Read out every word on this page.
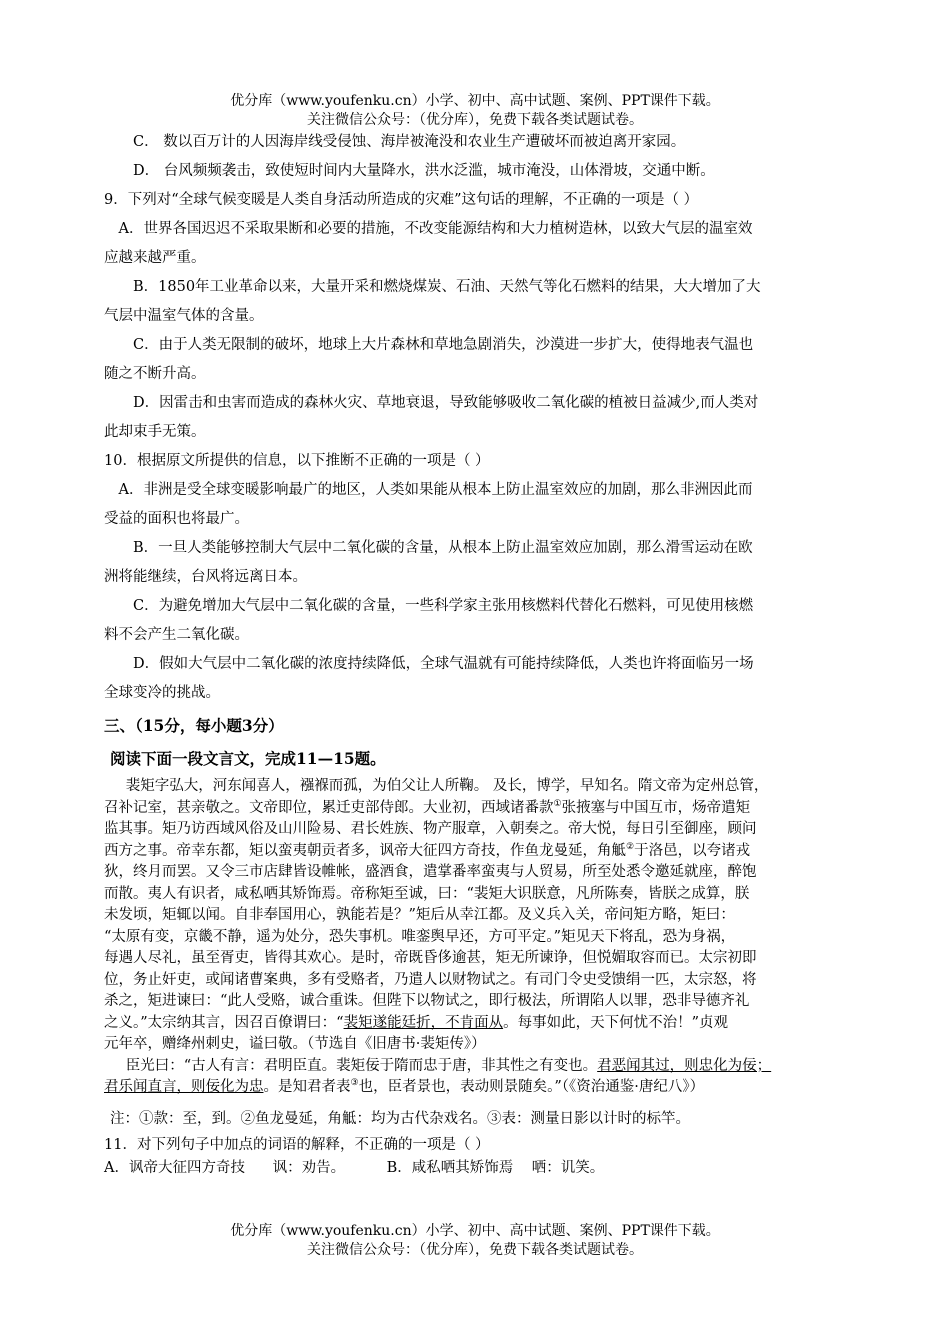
优分库（www.youfenku.cn）小学、初中、高中试题、案例、PPT课件下载。
关注微信公众号：（优分库），免费下载各类试题试卷。

C． 数以百万计的人因海岸线受侵蚀、海岸被淹没和农业生产遭破坏而被迫离开家园。

D． 台风频频袭击，致使短时间内大量降水，洪水泛滥，城市淹没，山体滑坡，交通中断。

9．下列对“全球气候变暖是人类自身活动所造成的灾难”这句话的理解，不正确的一项是（ ）

A．世界各国迟迟不采取果断和必要的措施，不改变能源结构和大力植树造林，以致大气层的温室效

应越来越严重。

B．1850年工业革命以来，大量开采和燃烧煤炭、石油、天然气等化石燃料的结果，大大增加了大

气层中温室气体的含量。

C．由于人类无限制的破坏，地球上大片森林和草地急剧消失，沙漠进一步扩大，使得地表气温也

随之不断升高。

D．因雷击和虫害而造成的森林火灾、草地衰退，导致能够吸收二氧化碳的植被日益减少,而人类对

此却束手无策。

10．根据原文所提供的信息，以下推断不正确的一项是（ ）

A．非洲是受全球变暖影响最广的地区，人类如果能从根本上防止温室效应的加剧，那么非洲因此而

受益的面积也将最广。

B．一旦人类能够控制大气层中二氧化碳的含量，从根本上防止温室效应加剧，那么滑雪运动在欧

洲将能继续，台风将远离日本。

C．为避免增加大气层中二氧化碳的含量，一些科学家主张用核燃料代替化石燃料，可见使用核燃

料不会产生二氧化碳。

D．假如大气层中二氧化碳的浓度持续降低，全球气温就有可能持续降低，人类也许将面临另一场

全球变冷的挑战。

三、（15分，每小题3分）

阅读下面一段文言文，完成11—15题。

裴矩字弘大，河东闻喜人，襁褓而孤，为伯父让人所鞠。 及长，博学，早知名。隋文帝为定州总管，

召补记室，甚亲敬之。文帝即位，累迁吏部侍郎。大业初，西域诸番款①张掖塞与中国互市，炀帝遣矩

监其事。矩乃访西域风俗及山川险易、君长姓族、物产服章，入朝奏之。帝大悦，每日引至御座，顾问

西方之事。帝幸东都，矩以蛮夷朝贡者多，讽帝大征四方奇技，作鱼龙曼延，角觝②于洛邑，以夸诸戎

狄，终月而罢。又令三市店肆皆设帷帐，盛酒食，遣掌番率蛮夷与人贸易，所至处悉令邀延就座，醉饱

而散。夷人有识者，咸私哂其矫饰焉。帝称矩至诚，曰：“裴矩大识朕意，凡所陈奏，皆朕之成算，朕

未发顷，矩辄以闻。自非奉国用心，孰能若是？”矩后从幸江都。及义兵入关，帝问矩方略，矩曰：

“太原有变，京畿不静，遥为处分，恐失事机。唯銮舆早还，方可平定。”矩见天下将乱，恐为身祸，

每遇人尽礼，虽至胥吏，皆得其欢心。是时，帝既昏侈逾甚，矩无所谏诤，但悦媚取容而已。太宗初即

位，务止奸吏，或闻诸曹案典，多有受赂者，乃遣人以财物试之。有司门令史受馈绢一匹，太宗怒，将

杀之，矩进谏曰：“此人受赂，诚合重诛。但陛下以物试之，即行极法，所谓陷人以罪，恐非导德齐礼

之义。”太宗纳其言，因召百僚谓曰：“裴矩遂能廷折，不肯面从。每事如此，天下何忧不治！”贞观

元年卒，赠绛州刺史，谥曰敬。（节选自《旧唐书·裴矩传》）

臣光曰：“古人有言：君明臣直。裴矩佞于隋而忠于唐，非其性之有变也。君恶闻其过，则忠化为佞；

君乐闻直言，则佞化为忠。是知君者表③也，臣者景也，表动则景随矣。”（《资治通鉴·唐纪八》）

注：①款：至，到。②鱼龙曼延，角觝：均为古代杂戏名。③表：测量日影以计时的标竿。

11．对下列句子中加点的词语的解释，不正确的一项是（ ）

A．讽帝大征四方奇技      讽：劝告。         B．咸私哂其矫饰焉    哂：讥笑。

优分库（www.youfenku.cn）小学、初中、高中试题、案例、PPT课件下载。
关注微信公众号：（优分库），免费下载各类试题试卷。
